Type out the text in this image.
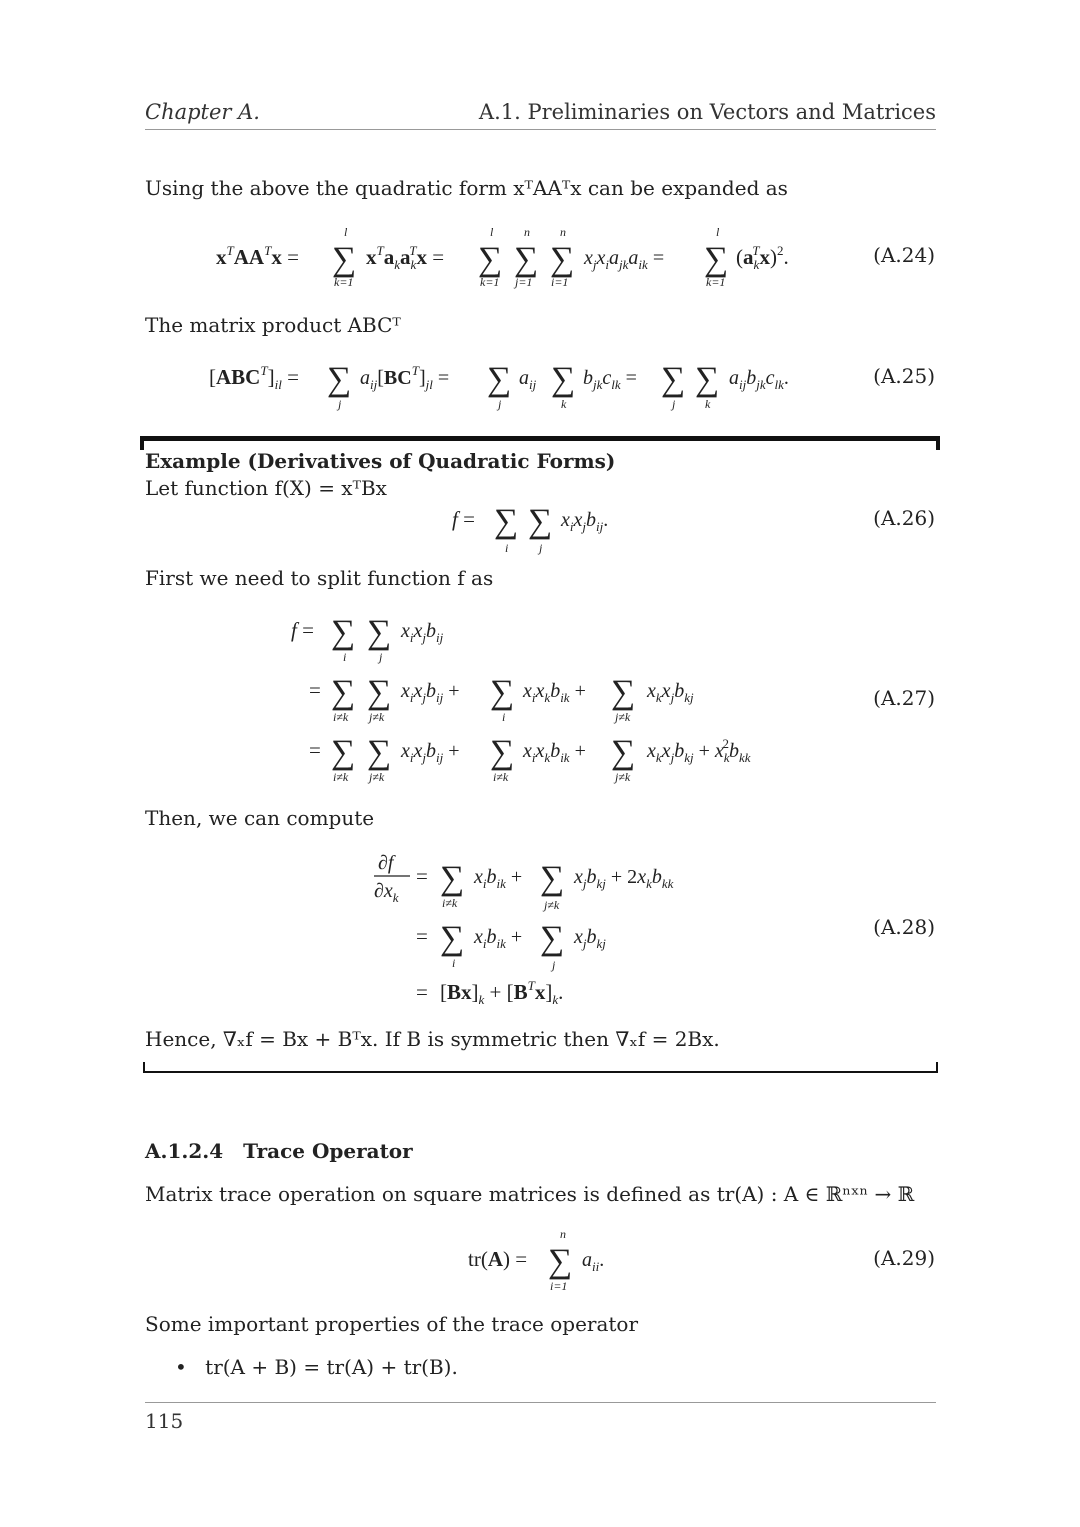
Chapter A.	A.1. Preliminaries on Vectors and Matrices
Using the above the quadratic form xᵀAAᵀx can be expanded as
$x^TAA^Tx$ = ∑
l
k=1
$x^Ta_ka_kTx$ = ∑
l
k=1
∑
n
j=1
∑
n
i=1
$x_jx_ia_{jk}a_{ik}$ = ∑
l
k=1
$(a_kTx)^2$.	(A.24)
The matrix product ABCᵀ
$[ABC^T]_{il}$ = ∑
j
$a_{ij}[BC^T]_{jl}$ = ∑
j
$a_{ij}$ ∑
k
$b_{jk}c_{lk}$ = ∑
j
∑
k
$a_{ij}b_{jk}c_{lk}$.	(A.25)
Example (Derivatives of Quadratic Forms)
Let function f(X) = xᵀBx
f = ∑
i
∑
j
$x_ix_jb_{ij}$.	(A.26)
First we need to split function f as
f = ∑
i
∑
j
$x_ix_jb_{ij}$
= ∑
i≠k
∑
j≠k
$x_ix_jb_{ij}$ + ∑
i
$x_ix_kb_{ik}$ + ∑
j≠k
$x_kx_jb_{kj}$
= ∑
i≠k
∑
j≠k
$x_ix_jb_{ij}$ + ∑
i≠k
$x_ix_kb_{ik}$ + ∑
j≠k
$x_kx_jb_{kj} + x_k2b_{kk}$
(A.27)
Then, we can compute
∂f
$\partial x_k$
= ∑
i≠k
$x_ib_{ik}$ + ∑
j≠k
$x_jb_{kj} + 2x_kb_{kk}$
= ∑
i
$x_ib_{ik}$ + ∑
j
$x_jb_{kj}$
= $[Bx]_k + [B^Tx]_k$.
(A.28)
Hence, ∇ₓf = Bx + Bᵀx. If B is symmetric then ∇ₓf = 2Bx.
A.1.2.4 Trace Operator
Matrix trace operation on square matrices is defined as tr(A) : A ∈ ℝⁿˣⁿ → ℝ
tr(A) = ∑
n
i=1
$a_{ii}$.	(A.29)
Some important properties of the trace operator
• tr(A + B) = tr(A) + tr(B).
115
